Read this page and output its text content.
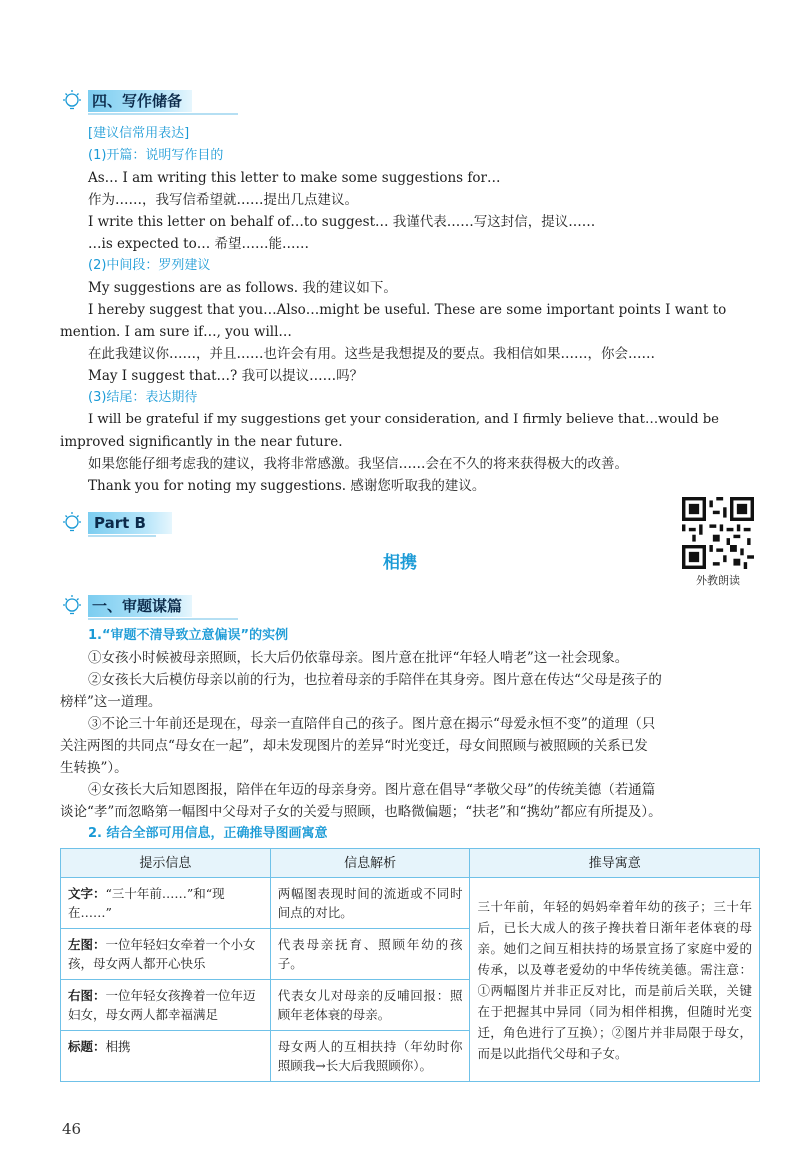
四、写作储备
[建议信常用表达]
(1)开篇：说明写作目的
As… I am writing this letter to make some suggestions for…
作为……，我写信希望就……提出几点建议。
I write this letter on behalf of…to suggest… 我谨代表……写这封信，提议……
…is expected to… 希望……能……
(2)中间段：罗列建议
My suggestions are as follows. 我的建议如下。
I hereby suggest that you…Also…might be useful. These are some important points I want to
mention. I am sure if…, you will…
在此我建议你……，并且……也许会有用。这些是我想提及的要点。我相信如果……，你会……
May I suggest that…? 我可以提议……吗？
(3)结尾：表达期待
I will be grateful if my suggestions get your consideration, and I firmly believe that…would be
improved significantly in the near future.
如果您能仔细考虑我的建议，我将非常感激。我坚信……会在不久的将来获得极大的改善。
Thank you for noting my suggestions. 感谢您听取我的建议。
Part B
相携
外教朗读
一、审题谋篇
1.“审题不清导致立意偏误”的实例
①女孩小时候被母亲照顾，长大后仍依靠母亲。图片意在批评“年轻人啃老”这一社会现象。
②女孩长大后模仿母亲以前的行为，也拉着母亲的手陪伴在其身旁。图片意在传达“父母是孩子的
榜样”这一道理。
③不论三十年前还是现在，母亲一直陪伴自己的孩子。图片意在揭示“母爱永恒不变”的道理（只
关注两图的共同点“母女在一起”，却未发现图片的差异“时光变迁，母女间照顾与被照顾的关系已发
生转换”）。
④女孩长大后知恩图报，陪伴在年迈的母亲身旁。图片意在倡导“孝敬父母”的传统美德（若通篇
谈论“孝”而忽略第一幅图中父母对子女的关爱与照顾，也略微偏题；“扶老”和“携幼”都应有所提及）。
2. 结合全部可用信息，正确推导图画寓意
提示信息	信息解析	推导寓意
文字：“三十年前……”和“现在……”	两幅图表现时间的流逝或不同时间点的对比。	三十年前，年轻的妈妈牵着年幼的孩子；三十年后，已长大成人的孩子搀扶着日渐年老体衰的母亲。她们之间互相扶持的场景宣扬了家庭中爱的传承，以及尊老爱幼的中华传统美德。需注意：①两幅图片并非正反对比，而是前后关联，关键在于把握其中异同（同为相伴相携，但随时光变迁，角色进行了互换）；②图片并非局限于母女，而是以此指代父母和子女。
左图：一位年轻妇女牵着一个小女孩，母女两人都开心快乐	代表母亲抚育、照顾年幼的孩子。	
右图：一位年轻女孩搀着一位年迈妇女，母女两人都幸福满足	代表女儿对母亲的反哺回报：照顾年老体衰的母亲。	
标题：相携	母女两人的互相扶持（年幼时你照顾我→长大后我照顾你）。	
46
